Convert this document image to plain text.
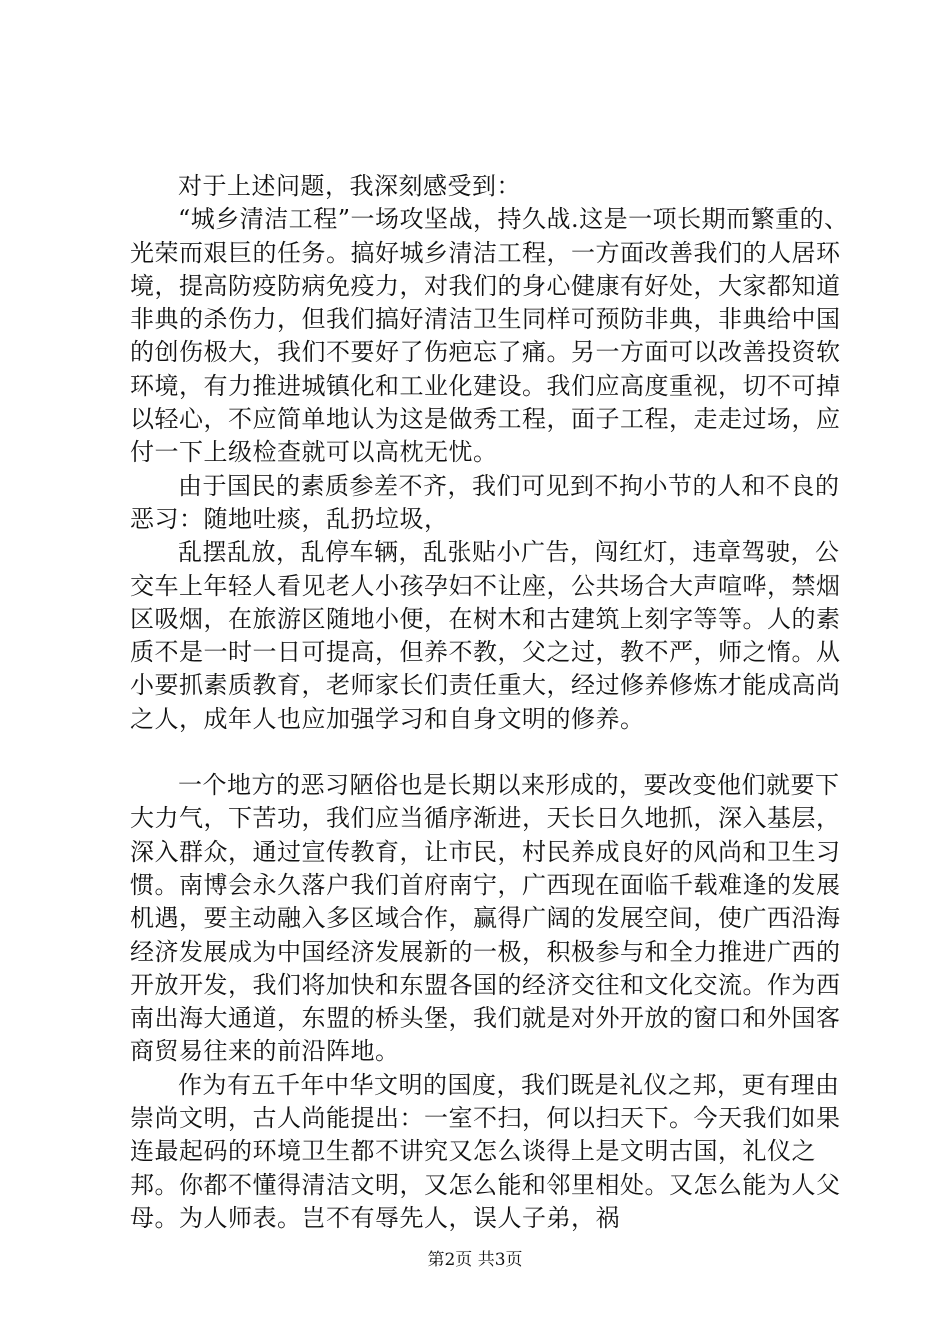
对于上述问题，我深刻感受到：

“城乡清洁工程”一场攻坚战，持久战.这是一项长期而繁重的、光荣而艰巨的任务。搞好城乡清洁工程，一方面改善我们的人居环境，提高防疫防病免疫力，对我们的身心健康有好处，大家都知道非典的杀伤力，但我们搞好清洁卫生同样可预防非典，非典给中国的创伤极大，我们不要好了伤疤忘了痛。另一方面可以改善投资软环境，有力推进城镇化和工业化建设。我们应高度重视，切不可掉以轻心，不应简单地认为这是做秀工程，面子工程，走走过场，应付一下上级检查就可以高枕无忧。

由于国民的素质参差不齐，我们可见到不拘小节的人和不良的恶习：随地吐痰，乱扔垃圾，

乱摆乱放，乱停车辆，乱张贴小广告，闯红灯，违章驾驶，公交车上年轻人看见老人小孩孕妇不让座，公共场合大声喧哗，禁烟区吸烟，在旅游区随地小便，在树木和古建筑上刻字等等。人的素质不是一时一日可提高，但养不教，父之过，教不严，师之惰。从小要抓素质教育，老师家长们责任重大，经过修养修炼才能成高尚之人，成年人也应加强学习和自身文明的修养。

一个地方的恶习陋俗也是长期以来形成的，要改变他们就要下大力气，下苦功，我们应当循序渐进，天长日久地抓，深入基层，深入群众，通过宣传教育，让市民，村民养成良好的风尚和卫生习惯。南博会永久落户我们首府南宁，广西现在面临千载难逢的发展机遇，要主动融入多区域合作，赢得广阔的发展空间，使广西沿海经济发展成为中国经济发展新的一极，积极参与和全力推进广西的开放开发，我们将加快和东盟各国的经济交往和文化交流。作为西南出海大通道，东盟的桥头堡，我们就是对外开放的窗口和外国客商贸易往来的前沿阵地。

作为有五千年中华文明的国度，我们既是礼仪之邦，更有理由崇尚文明，古人尚能提出：一室不扫，何以扫天下。今天我们如果连最起码的环境卫生都不讲究又怎么谈得上是文明古国，礼仪之邦。你都不懂得清洁文明，又怎么能和邻里相处。又怎么能为人父母。为人师表。岂不有辱先人，误人子弟，祸

第2页 共3页
